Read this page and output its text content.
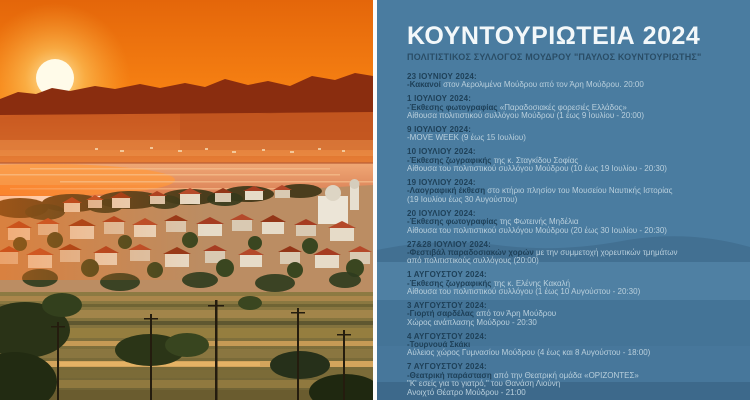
ΚΟΥΝΤΟΥΡΙΩΤΕΙΑ 2024
ΠΟΛΙΤΙΣΤΙΚΟΣ ΣΥΛΛΟΓΟΣ ΜΟΥΔΡΟΥ "ΠΑΥΛΟΣ ΚΟΥΝΤΟΥΡΙΩΤΗΣ"
23 ΙΟΥΝΙΟΥ 2024:
-Κακανοί στον Αερολιμένα Μούδρου από τον Άρη Μούδρου. 20:00
1 ΙΟΥΛΙΟΥ 2024:
-Έκθεσης φωτογραφίας «Παραδοσιακές φορεσιές Ελλάδος»
Αίθουσα πολιτιστικού συλλόγου Μούδρου (1 έως 9 Ιουλίου - 20:00)
9 ΙΟΥΛΙΟΥ 2024:
-MOVE WEEK (9 έως 15 Ιουλίου)
10 ΙΟΥΛΙΟΥ 2024:
-Έκθεσης ζωγραφικής της κ. Σταγκίδου Σοφίας
Αίθουσα του πολιτιστικού συλλόγου Μούδρου (10 έως 19 Ιουλίου - 20:30)
19 ΙΟΥΛΙΟΥ 2024:
-Λαογραφική έκθεση στο κτήριο πλησίον του Μουσείου Ναυτικής Ιστορίας
(19 Ιουλίου έως 30 Αυγούστου)
20 ΙΟΥΛΙΟΥ 2024:
-Έκθεσης φωτογραφίας της Φωτεινής Μηδέλια
Αίθουσα του πολιτιστικού συλλόγου Μούδρου (20 έως 30 Ιουλίου - 20:30)
27&28 ΙΟΥΛΙΟΥ 2024:
-Φεστιβάλ παραδοσιακών χορών με την συμμετοχή χορευτικών τμημάτων
από πολιτιστικούς συλλόγους (20:00)
1 ΑΥΓΟΥΣΤΟΥ 2024:
-Έκθεσης ζωγραφικής της κ. Ελένης Κακαλή
Αίθουσα του πολιτιστικού συλλόγου (1 έως 10 Αυγούστου - 20:30)
3 ΑΥΓΟΥΣΤΟΥ 2024:
-Γιορτή σαρδέλας από τον Άρη Μούδρου
Χώρος ανάπλασης Μούδρου - 20:30
4 ΑΥΓΟΥΣΤΟΥ 2024:
-Τουρνουά Σκάκι
Αύλειος χώρος Γυμνασίου Μούδρου (4 έως και 8 Αυγούστου - 18:00)
7 ΑΥΓΟΥΣΤΟΥ 2024:
-Θεατρική παράσταση από την Θεατρική ομάδα «ΟΡΙΖΟΝΤΕΣ»
"Κ' εσείς για το γιατρό," του Θανάση Λιούνη
Ανοιχτό Θέατρο Μούδρου - 21:00
